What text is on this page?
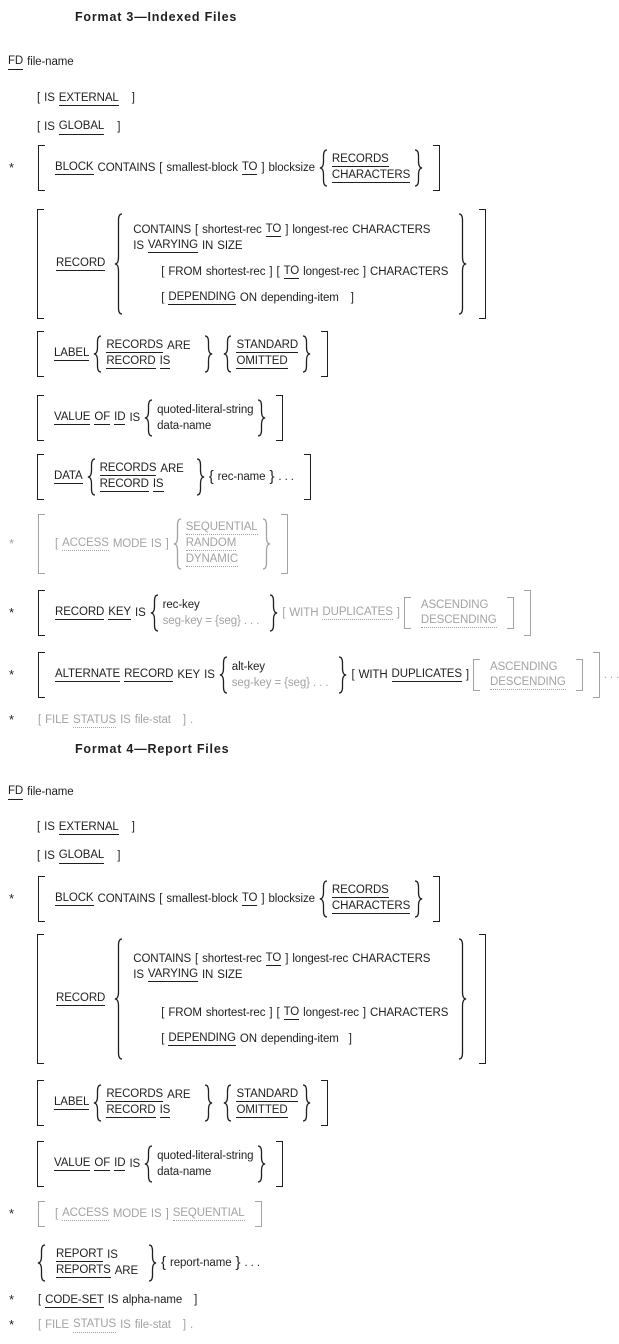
Format 3—Indexed Files
FD file-name
[ IS EXTERNAL ]
[ IS GLOBAL ]
*	BLOCK CONTAINS [ smallest-block TO ] blocksize
RECORDS
CHARACTERS
RECORD
CONTAINS [ shortest-rec TO ] longest-rec CHARACTERS
IS VARYING IN SIZE
[ FROM shortest-rec ] [ TO longest-rec ] CHARACTERS
[ DEPENDING ON depending-item ]
LABEL
RECORDS ARE
RECORD IS
STANDARD
OMITTED
VALUE OF ID IS
quoted-literal-string
data-name
DATA
RECORDS ARE
RECORD IS	{ rec-name } . . .
*	[ ACCESS MODE IS ]
SEQUENTIAL
RANDOM
DYNAMIC
*	RECORD KEY IS
rec-key
seg-key = {seg} . . .
[ WITH DUPLICATES ]
ASCENDING
DESCENDING
*	ALTERNATE RECORD KEY IS
alt-key
seg-key = {seg} . . .
[ WITH DUPLICATES ]
ASCENDING
DESCENDING
. . .
*	[ FILE STATUS IS file-stat ] .
Format 4—Report Files
FD file-name
[ IS EXTERNAL ]
[ IS GLOBAL ]
*	BLOCK CONTAINS [ smallest-block TO ] blocksize
RECORDS
CHARACTERS
RECORD
CONTAINS [ shortest-rec TO ] longest-rec CHARACTERS
IS VARYING IN SIZE
[ FROM shortest-rec ] [ TO longest-rec ] CHARACTERS
[ DEPENDING ON depending-item ]
LABEL
RECORDS ARE
RECORD IS
STANDARD
OMITTED
VALUE OF ID IS
quoted-literal-string
data-name
*	[ ACCESS MODE IS ] SEQUENTIAL
REPORT IS
REPORTS ARE { report-name } . . .
*	[ CODE-SET IS alpha-name ]
*	[ FILE STATUS IS file-stat ] .
